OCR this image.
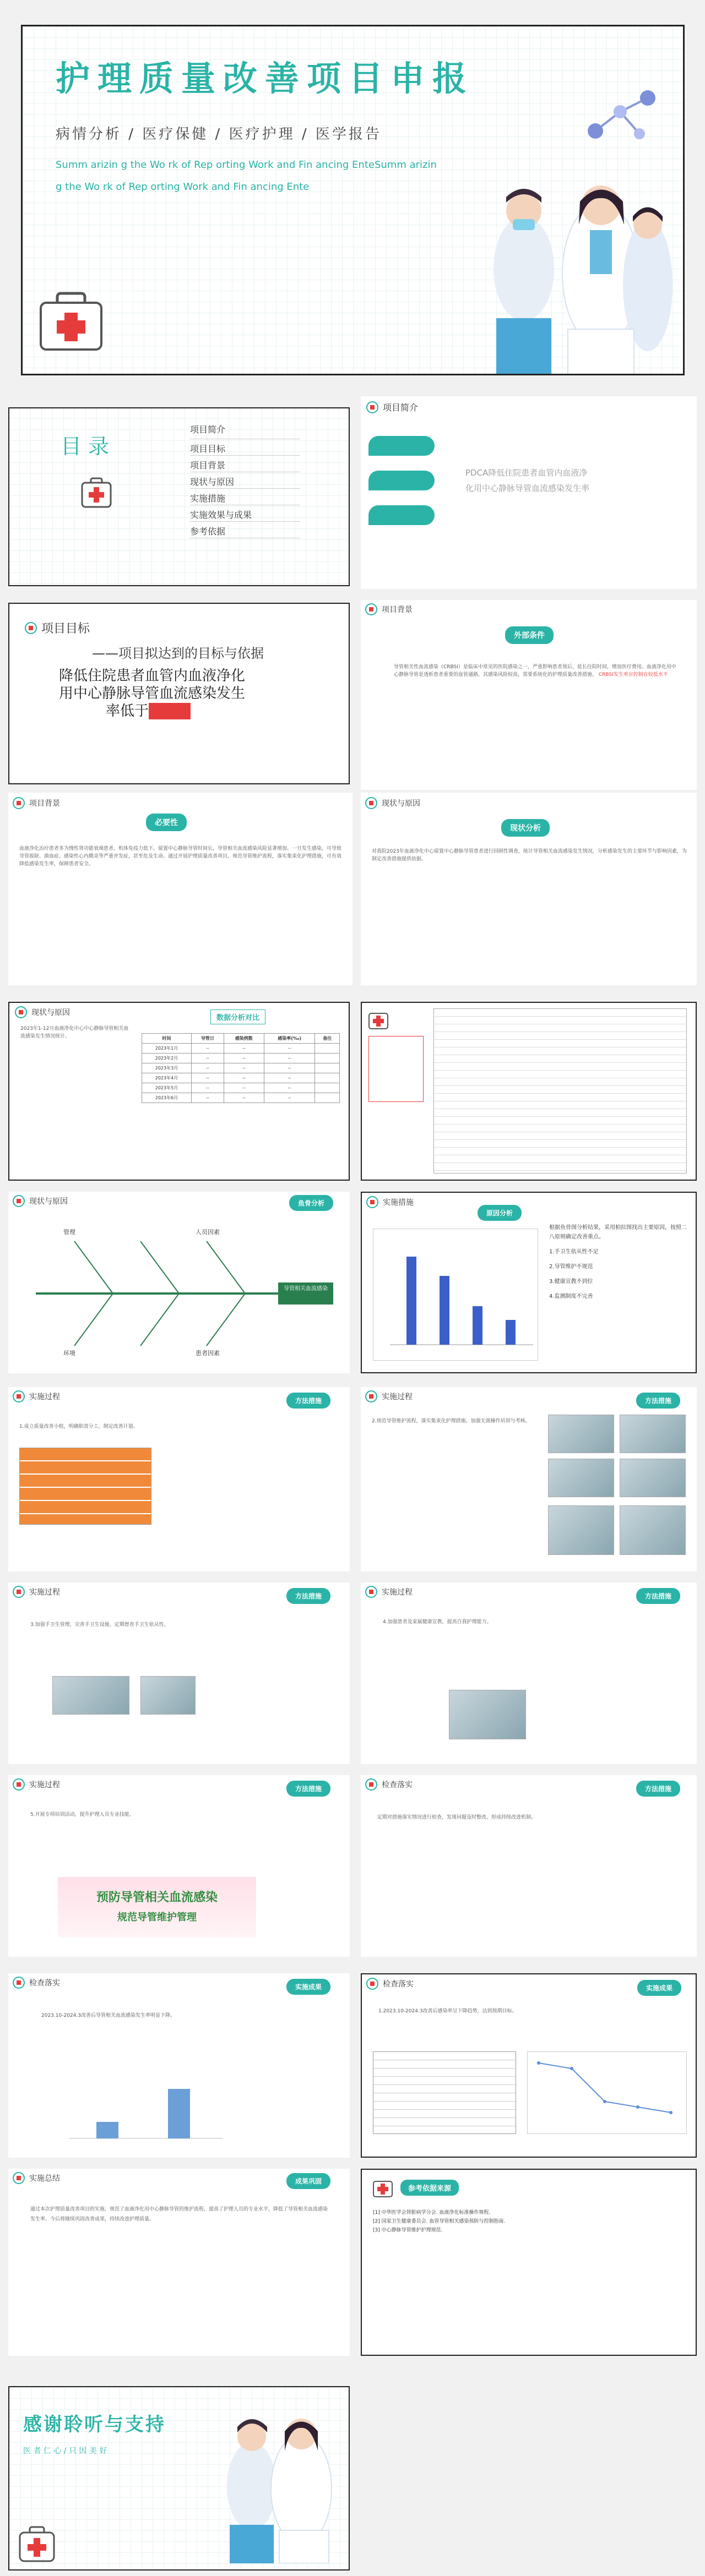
护理质量改善项目申报
病情分析 / 医疗保健 / 医疗护理 / 医学报告
Summ arizin g the Wo rk of Rep orting Work and Fin ancing EnteSumm arizin g the Wo rk of Rep orting Work and Fin ancing Ente
目 录
项目简介
项目目标
项目背景
现状与原因
实施措施
实施效果与成果
参考依据
项目简介
PDCA降低住院患者血管内血液净化用中心静脉导管血流感染发生率
项目目标
——项目拟达到的目标与依据
降低住院患者血管内血液净化
用中心静脉导管血流感染发生
率低于1.5‰
项目背景
外部条件
导管相关性血流感染（CRBSI）是临床中常见的医院感染之一，严重影响患者预后，延长住院时间，增加医疗费用。血液净化用中心静脉导管是透析患者重要的血管通路，其感染风险较高，需要系统化的护理质量改善措施。 CRBSI发生率应控制在较低水平
项目背景
必要性
血液净化治疗患者多为慢性肾功能衰竭患者，机体免疫力低下，留置中心静脉导管时间长，导管相关血流感染风险显著增加。一旦发生感染，可导致导管拔除、菌血症、感染性心内膜炎等严重并发症，甚至危及生命。通过开展护理质量改善项目，规范导管维护流程，落实集束化护理措施，可有效降低感染发生率，保障患者安全。
现状与原因
现状分析
对我院2023年血液净化中心留置中心静脉导管患者进行回顾性调查，统计导管相关血流感染发生情况，分析感染发生的主要环节与影响因素，为制定改善措施提供依据。
现状与原因
数据分析对比
2023年1-12月血液净化中心中心静脉导管相关血流感染发生情况统计。	时间	导管日	感染例数	感染率(‰)	备注
2023年1月	--	--	--	
2023年2月	--	--	--	
2023年3月	--	--	--	
2023年4月	--	--	--	
2023年5月	--	--	--	
2023年6月	--	--	--	
现状与原因	鱼骨分析
管理	人员因素
环境	患者因素
导管相关血流感染
实施措施
原因分析
根据鱼骨图分析结果，采用柏拉图找出主要原因，按照二八原则确定改善重点。
1.手卫生依从性不足
2.导管维护不规范
3.健康宣教不到位
4.监测制度不完善
实施过程	方法措施
1.成立质量改善小组，明确职责分工，制定改善计划。
实施过程	方法措施
2.规范导管维护流程，落实集束化护理措施，加强无菌操作培训与考核。
实施过程	方法措施
3.加强手卫生管理，完善手卫生设施，定期督查手卫生依从性。
实施过程	方法措施
4.加强患者及家属健康宣教，提高自我护理能力。
实施过程	方法措施
5.开展专项培训活动，提升护理人员专业技能。
预防导管相关血流感染
规范导管维护管理
检查落实	方法措施
定期对措施落实情况进行检查，发现问题及时整改，形成持续改进机制。
检查落实	实施成果
2023.10-2024.3改善后导管相关血流感染发生率明显下降。
检查落实	实施成果
1.2023.10-2024.3改善后感染率呈下降趋势，达到预期目标。
实施总结	成果巩固
通过本次护理质量改善项目的实施，规范了血液净化用中心静脉导管的维护流程，提高了护理人员的专业水平，降低了导管相关血流感染发生率。今后将继续巩固改善成果，持续改进护理质量。
参考依据来源
[1] 中华医学会肾脏病学分会. 血液净化标准操作规程.
[2] 国家卫生健康委员会. 血管导管相关感染预防与控制指南.
[3] 中心静脉导管维护护理规范.
感谢聆听与支持
医 者 仁 心 / 只 因 美 好
